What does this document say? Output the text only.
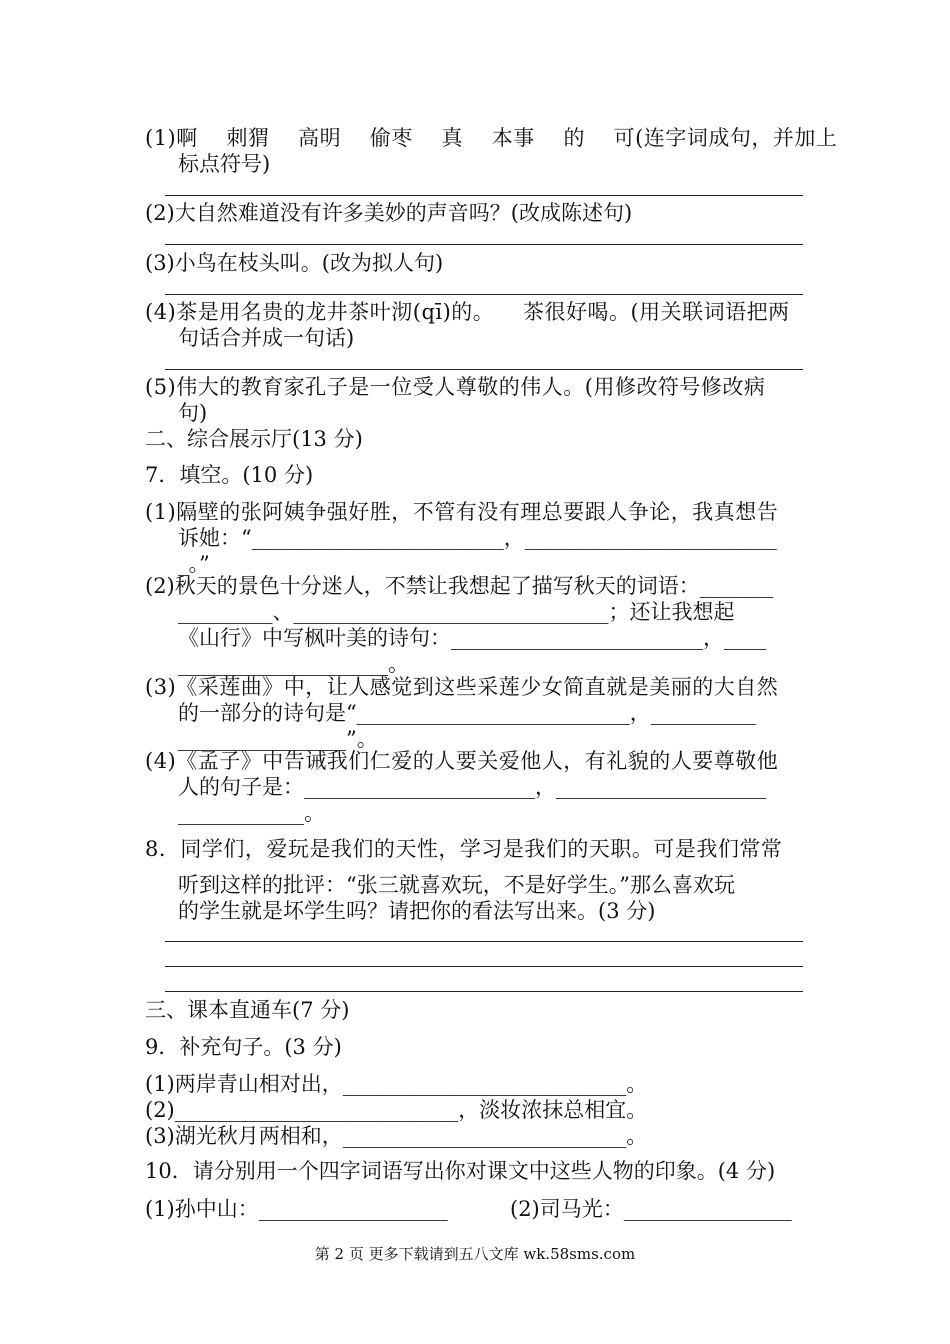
(1)啊    刺猬    高明    偷枣    真    本事    的    可(连字词成句，并加上
标点符号)
(2)大自然难道没有许多美妙的声音吗？(改成陈述句)
(3)小鸟在枝头叫。(改为拟人句)
(4)茶是用名贵的龙井茶叶沏(qī)的。    茶很好喝。(用关联词语把两
句话合并成一句话)
(5)伟大的教育家孔子是一位受人尊敬的伟人。(用修改符号修改病
句)
二、综合展示厅(13 分)
7．填空。(10 分)
(1)隔壁的张阿姨争强好胜，不管有没有理总要跟人争论，我真想告
诉她：“________________________，________________________
_。”
(2)秋天的景色十分迷人，不禁让我想起了描写秋天的词语：_______
_________、______________________________；还让我想起
《山行》中写枫叶美的诗句：________________________，____
____________________。
(3)《采莲曲》中，让人感觉到这些采莲少女简直就是美丽的大自然
的一部分的诗句是“__________________________，__________
________________”。
(4)《孟子》中告诫我们仁爱的人要关爱他人，有礼貌的人要尊敬他
人的句子是：______________________，____________________
____________。
8．同学们，爱玩是我们的天性，学习是我们的天职。可是我们常常
听到这样的批评：“张三就喜欢玩，不是好学生。”那么喜欢玩
的学生就是坏学生吗？请把你的看法写出来。(3 分)
三、课本直通车(7 分)
9．补充句子。(3 分)
(1)两岸青山相对出，___________________________。
(2)___________________________，淡妆浓抹总相宜。
(3)湖光秋月两相和，___________________________。
10．请分别用一个四字词语写出你对课文中这些人物的印象。(4 分)
(1)孙中山：__________________	(2)司马光：________________
第 2 页 更多下载请到五八文库 wk.58sms.com
